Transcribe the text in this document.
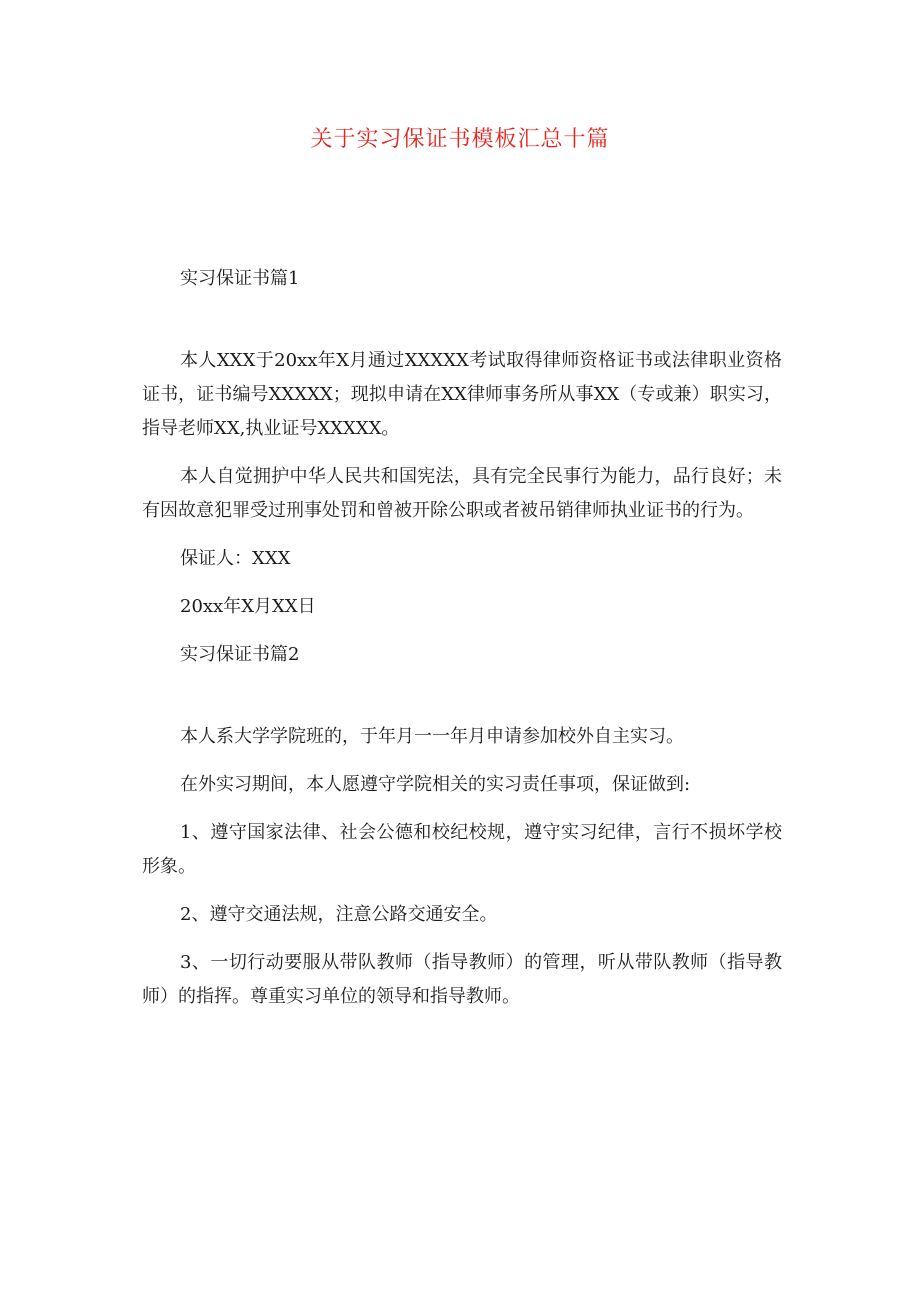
关于实习保证书模板汇总十篇

实习保证书篇1

本人XXX于20xx年X月通过XXXXX考试取得律师资格证书或法律职业资格证书，证书编号XXXXX；现拟申请在XX律师事务所从事XX（专或兼）职实习，指导老师XX,执业证号XXXXX。

本人自觉拥护中华人民共和国宪法，具有完全民事行为能力，品行良好；未有因故意犯罪受过刑事处罚和曾被开除公职或者被吊销律师执业证书的行为。

保证人：XXX

20xx年X月XX日

实习保证书篇2

本人系大学学院班的，于年月一一年月申请参加校外自主实习。

在外实习期间，本人愿遵守学院相关的实习责任事项，保证做到:

1、遵守国家法律、社会公德和校纪校规，遵守实习纪律，言行不损坏学校形象。

2、遵守交通法规，注意公路交通安全。

3、一切行动要服从带队教师（指导教师）的管理，听从带队教师（指导教师）的指挥。尊重实习单位的领导和指导教师。
